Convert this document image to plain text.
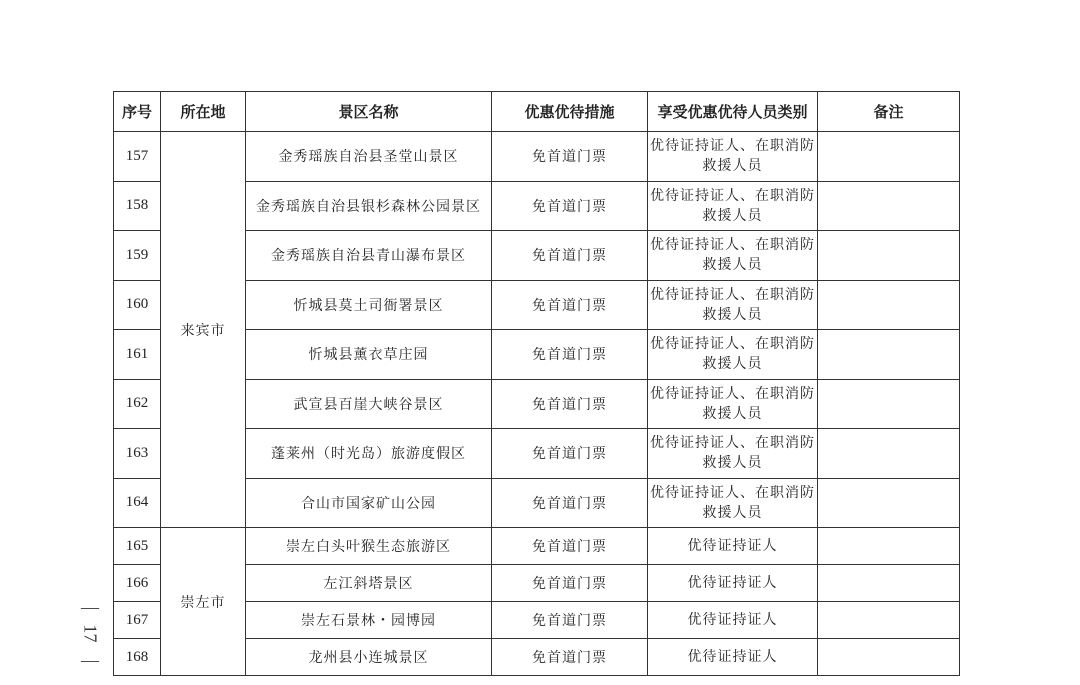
序号	所在地	景区名称	优惠优待措施	享受优惠优待人员类别	备注
157	来宾市	金秀瑶族自治县圣堂山景区	免首道门票	优待证持证人、在职消防
救援人员	

158		金秀瑶族自治县银杉森林公园景区	免首道门票	优待证持证人、在职消防
救援人员	

159		金秀瑶族自治县青山瀑布景区	免首道门票	优待证持证人、在职消防
救援人员	

160		忻城县莫土司衙署景区	免首道门票	优待证持证人、在职消防
救援人员	

161		忻城县薰衣草庄园	免首道门票	优待证持证人、在职消防
救援人员	

162		武宣县百崖大峡谷景区	免首道门票	优待证持证人、在职消防
救援人员	

163		蓬莱州（时光岛）旅游度假区	免首道门票	优待证持证人、在职消防
救援人员	

164		合山市国家矿山公园	免首道门票	优待证持证人、在职消防
救援人员	

165	崇左市	崇左白头叶猴生态旅游区	免首道门票	优待证持证人	

166		左江斜塔景区	免首道门票	优待证持证人	

167		崇左石景林・园博园	免首道门票	优待证持证人	

168		龙州县小连城景区	免首道门票	优待证持证人	

—
17
—
